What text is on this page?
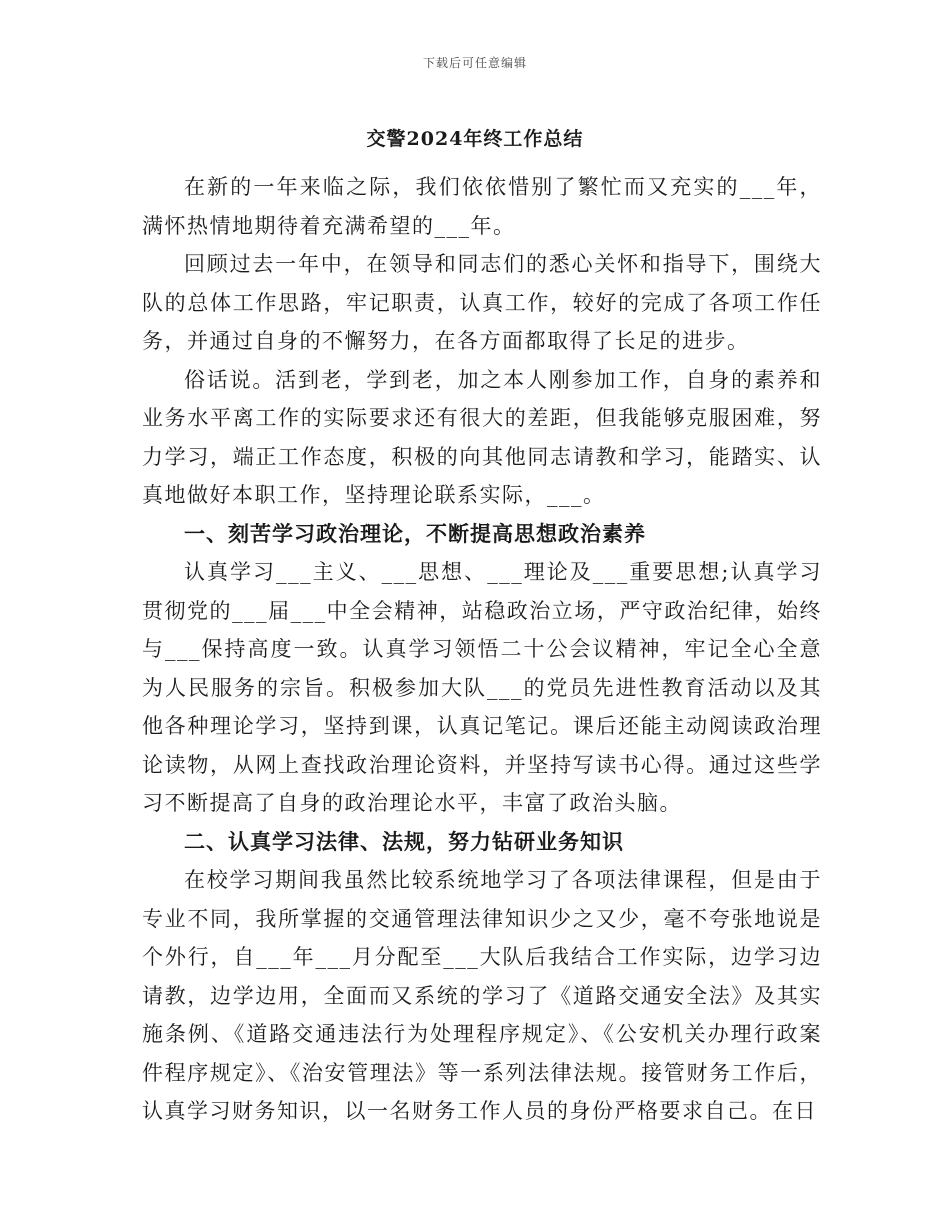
下载后可任意编辑
交警2024年终工作总结

在新的一年来临之际，我们依依惜别了繁忙而又充实的___年，满怀热情地期待着充满希望的___年。

回顾过去一年中，在领导和同志们的悉心关怀和指导下，围绕大队的总体工作思路，牢记职责，认真工作，较好的完成了各项工作任务，并通过自身的不懈努力，在各方面都取得了长足的进步。

俗话说。活到老，学到老，加之本人刚参加工作，自身的素养和业务水平离工作的实际要求还有很大的差距，但我能够克服困难，努力学习，端正工作态度，积极的向其他同志请教和学习，能踏实、认真地做好本职工作，坚持理论联系实际，___。

一、刻苦学习政治理论，不断提高思想政治素养

认真学习___主义、___思想、___理论及___重要思想;认真学习贯彻党的___届___中全会精神，站稳政治立场，严守政治纪律，始终与___保持高度一致。认真学习领悟二十公会议精神，牢记全心全意为人民服务的宗旨。积极参加大队___的党员先进性教育活动以及其他各种理论学习，坚持到课，认真记笔记。课后还能主动阅读政治理论读物，从网上查找政治理论资料，并坚持写读书心得。通过这些学习不断提高了自身的政治理论水平，丰富了政治头脑。

二、认真学习法律、法规，努力钻研业务知识

在校学习期间我虽然比较系统地学习了各项法律课程，但是由于专业不同，我所掌握的交通管理法律知识少之又少，毫不夸张地说是个外行，自___年___月分配至___大队后我结合工作实际，边学习边请教，边学边用，全面而又系统的学习了《道路交通安全法》及其实施条例、《道路交通违法行为处理程序规定》、《公安机关办理行政案件程序规定》、《治安管理法》等一系列法律法规。接管财务工作后，认真学习财务知识，以一名财务工作人员的身份严格要求自己。在日
